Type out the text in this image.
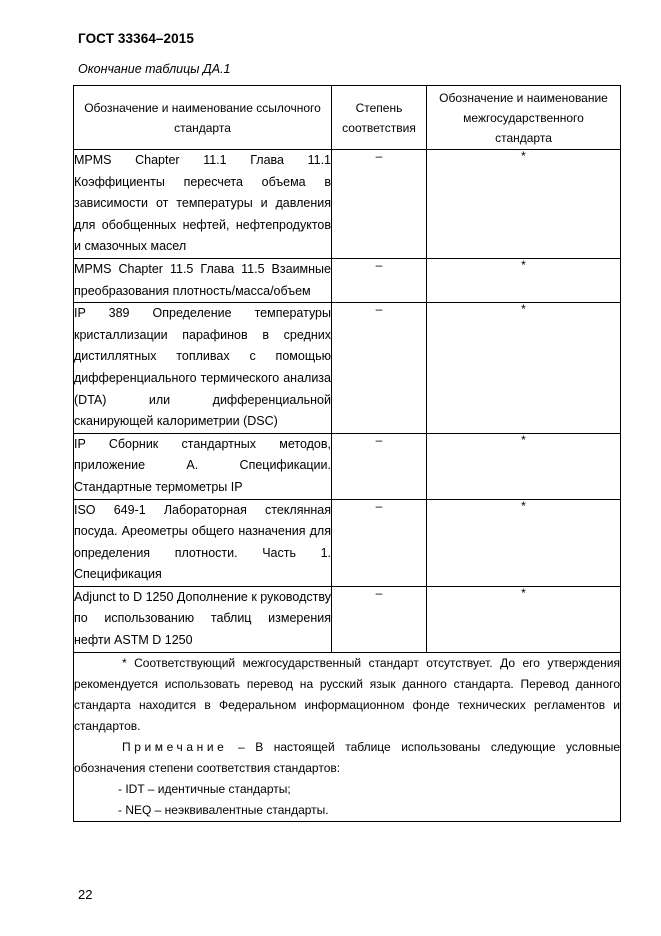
ГОСТ 33364–2015
Окончание таблицы ДА.1
Обозначение и наименование ссылочного стандарта	Степень соответствия	Обозначение и наименование межгосударственного стандарта
MPMS Chapter 11.1 Глава 11.1 Коэффициенты пересчета объема в зависимости от температуры и давления для обобщенных нефтей, нефтепродуктов и смазочных масел	–	*
MPMS Chapter 11.5 Глава 11.5 Взаимные преобразования плотность/масса/объем	–	*
IP 389 Определение температуры кристаллизации парафинов в средних дистиллятных топливах с помощью дифференциального термического анализа (DTA) или дифференциальной сканирующей калориметрии (DSC)	–	*
IP Сборник стандартных методов, приложение А. Спецификации. Стандартные термометры IP	–	*
ISO 649-1 Лабораторная стеклянная посуда. Ареометры общего назначения для определения плотности. Часть 1. Спецификация	–	*
Adjunct to D 1250 Дополнение к руководству по использованию таблиц измерения нефти ASTM D 1250	–	*

* Соответствующий межгосударственный стандарт отсутствует. До его утверждения рекомендуется использовать перевод на русский язык данного стандарта. Перевод данного стандарта находится в Федеральном информационном фонде технических регламентов и стандартов.

Примечание – В настоящей таблице использованы следующие условные обозначения степени соответствия стандартов:

- IDT – идентичные стандарты;

- NEQ – неэквивалентные стандарты.		

22
